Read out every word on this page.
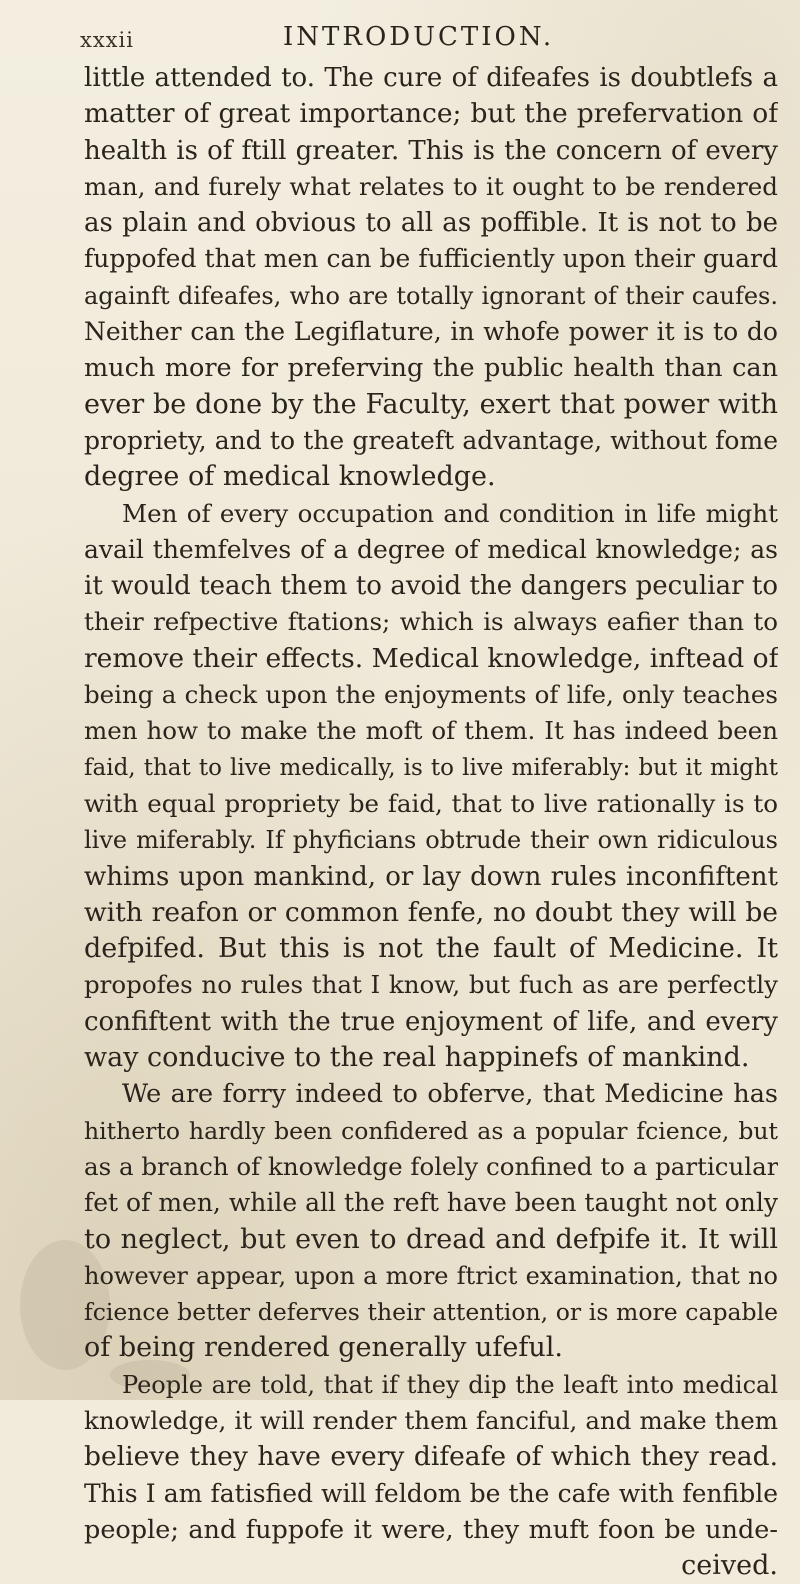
xxxii	INTRODUCTION.
little attended to. The cure of difeafes is doubtlefs a
matter of great importance; but the prefervation of
health is of ftill greater. This is the concern of every
man, and furely what relates to it ought to be rendered
as plain and obvious to all as poffible. It is not to be
fuppofed that men can be fufficiently upon their guard
againft difeafes, who are totally ignorant of their caufes.
Neither can the Legiflature, in whofe power it is to do
much more for preferving the public health than can
ever be done by the Faculty, exert that power with
propriety, and to the greateft advantage, without fome
degree of medical knowledge.
Men of every occupation and condition in life might
avail themfelves of a degree of medical knowledge; as
it would teach them to avoid the dangers peculiar to
their refpective ftations; which is always eafier than to
remove their effects. Medical knowledge, inftead of
being a check upon the enjoyments of life, only teaches
men how to make the moft of them. It has indeed been
faid, that to live medically, is to live miferably: but it might
with equal propriety be faid, that to live rationally is to
live miferably. If phyficians obtrude their own ridiculous
whims upon mankind, or lay down rules inconfiftent
with reafon or common fenfe, no doubt they will be
defpifed. But this is not the fault of Medicine. It
propofes no rules that I know, but fuch as are perfectly
confiftent with the true enjoyment of life, and every
way conducive to the real happinefs of mankind.
We are forry indeed to obferve, that Medicine has
hitherto hardly been confidered as a popular fcience, but
as a branch of knowledge folely confined to a particular
fet of men, while all the reft have been taught not only
to neglect, but even to dread and defpife it. It will
however appear, upon a more ftrict examination, that no
fcience better deferves their attention, or is more capable
of being rendered generally ufeful.
People are told, that if they dip the leaft into medical
knowledge, it will render them fanciful, and make them
believe they have every difeafe of which they read.
This I am fatisfied will feldom be the cafe with fenfible
people; and fuppofe it were, they muft foon be unde-
ceived.
